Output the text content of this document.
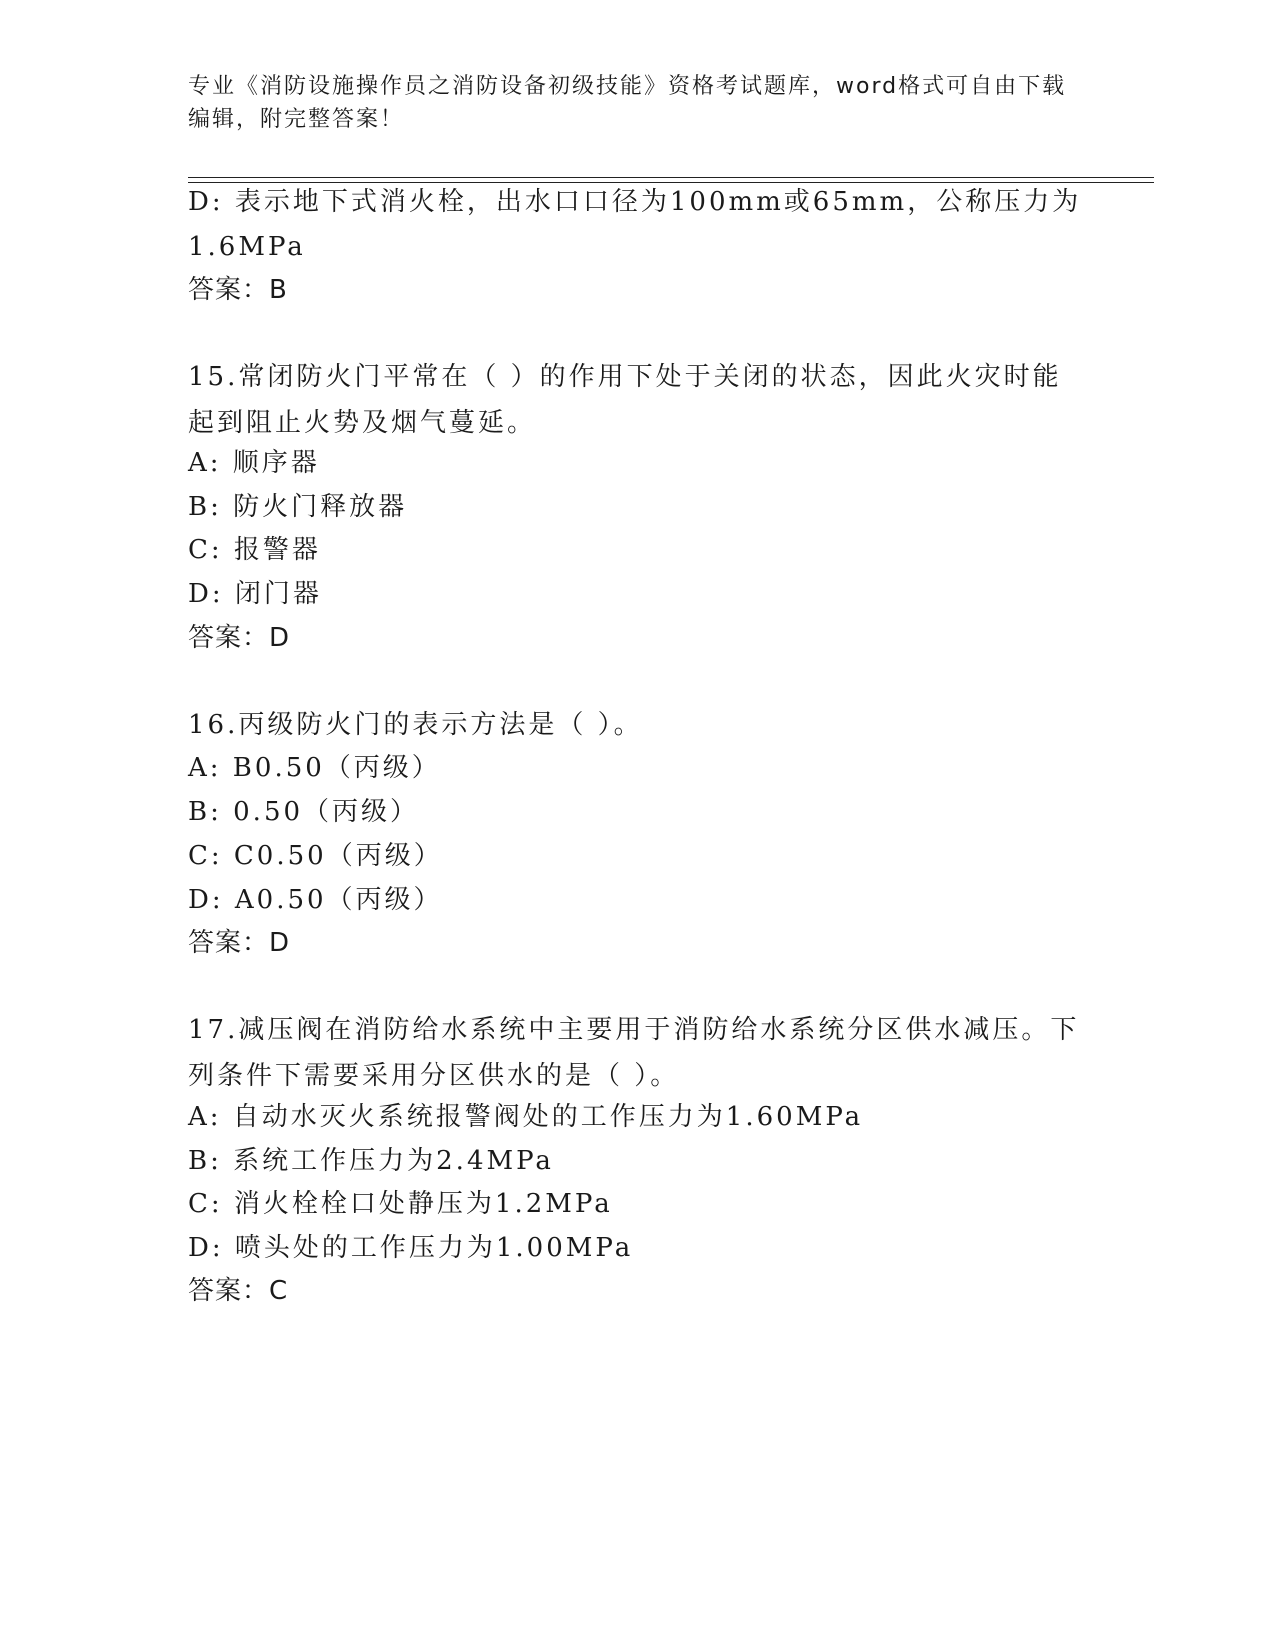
专业《消防设施操作员之消防设备初级技能》资格考试题库，word格式可自由下载编辑，附完整答案！
D: 表示地下式消火栓，出水口口径为100mm或65mm，公称压力为
1.6MPa
答案：B
15.常闭防火门平常在（ ）的作用下处于关闭的状态，因此火灾时能起到阻止火势及烟气蔓延。
A: 顺序器
B: 防火门释放器
C: 报警器
D: 闭门器
答案：D
16.丙级防火门的表示方法是（ ）。
A: B0.50（丙级）
B: 0.50（丙级）
C: C0.50（丙级）
D: A0.50（丙级）
答案：D
17.减压阀在消防给水系统中主要用于消防给水系统分区供水减压。下列条件下需要采用分区供水的是（ ）。
A: 自动水灭火系统报警阀处的工作压力为1.60MPa
B: 系统工作压力为2.4MPa
C: 消火栓栓口处静压为1.2MPa
D: 喷头处的工作压力为1.00MPa
答案：C
